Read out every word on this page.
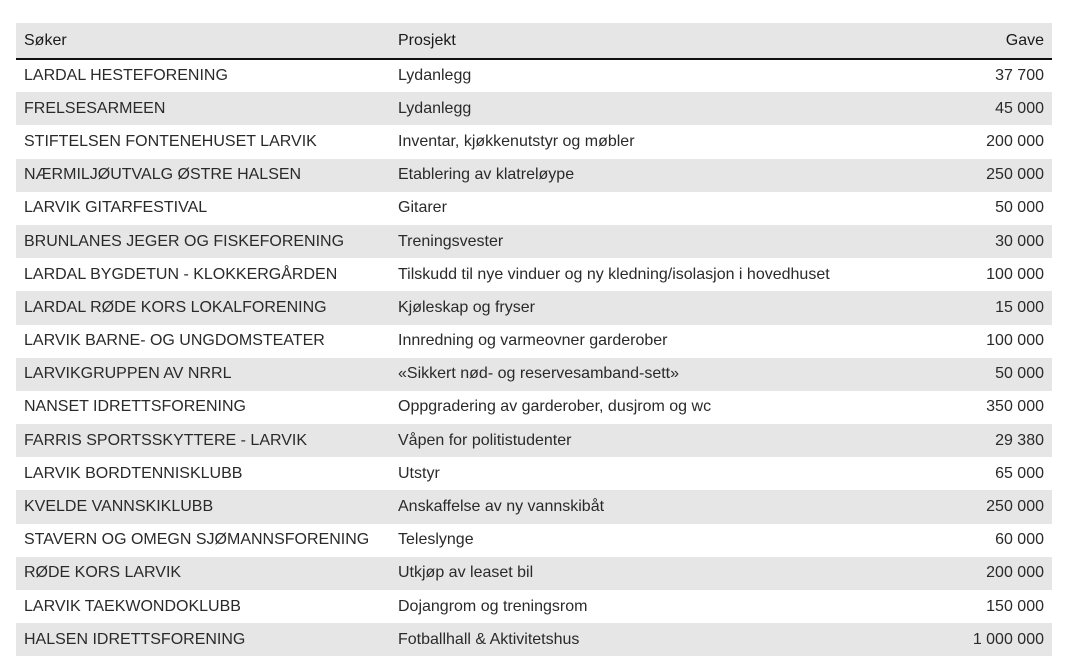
Søker	Prosjekt	Gave
LARDAL HESTEFORENING	Lydanlegg	37 700
FRELSESARMEEN	Lydanlegg	45 000
STIFTELSEN FONTENEHUSET LARVIK	Inventar, kjøkkenutstyr og møbler	200 000
NÆRMILJØUTVALG ØSTRE HALSEN	Etablering av klatreløype	250 000
LARVIK GITARFESTIVAL	Gitarer	50 000
BRUNLANES JEGER OG FISKEFORENING	Treningsvester	30 000
LARDAL BYGDETUN - KLOKKERGÅRDEN	Tilskudd til nye vinduer og ny kledning/isolasjon i hovedhuset	100 000
LARDAL RØDE KORS LOKALFORENING	Kjøleskap og fryser	15 000
LARVIK BARNE- OG UNGDOMSTEATER	Innredning og varmeovner garderober	100 000
LARVIKGRUPPEN AV NRRL	«Sikkert nød- og reservesamband-sett»	50 000
NANSET IDRETTSFORENING	Oppgradering av garderober, dusjrom og wc	350 000
FARRIS SPORTSSKYTTERE - LARVIK	Våpen for politistudenter	29 380
LARVIK BORDTENNISKLUBB	Utstyr	65 000
KVELDE VANNSKIKLUBB	Anskaffelse av ny vannskibåt	250 000
STAVERN OG OMEGN SJØMANNSFORENING	Teleslynge	60 000
RØDE KORS LARVIK	Utkjøp av leaset bil	200 000
LARVIK TAEKWONDOKLUBB	Dojangrom og treningsrom	150 000
HALSEN IDRETTSFORENING	Fotballhall & Aktivitetshus	1 000 000
